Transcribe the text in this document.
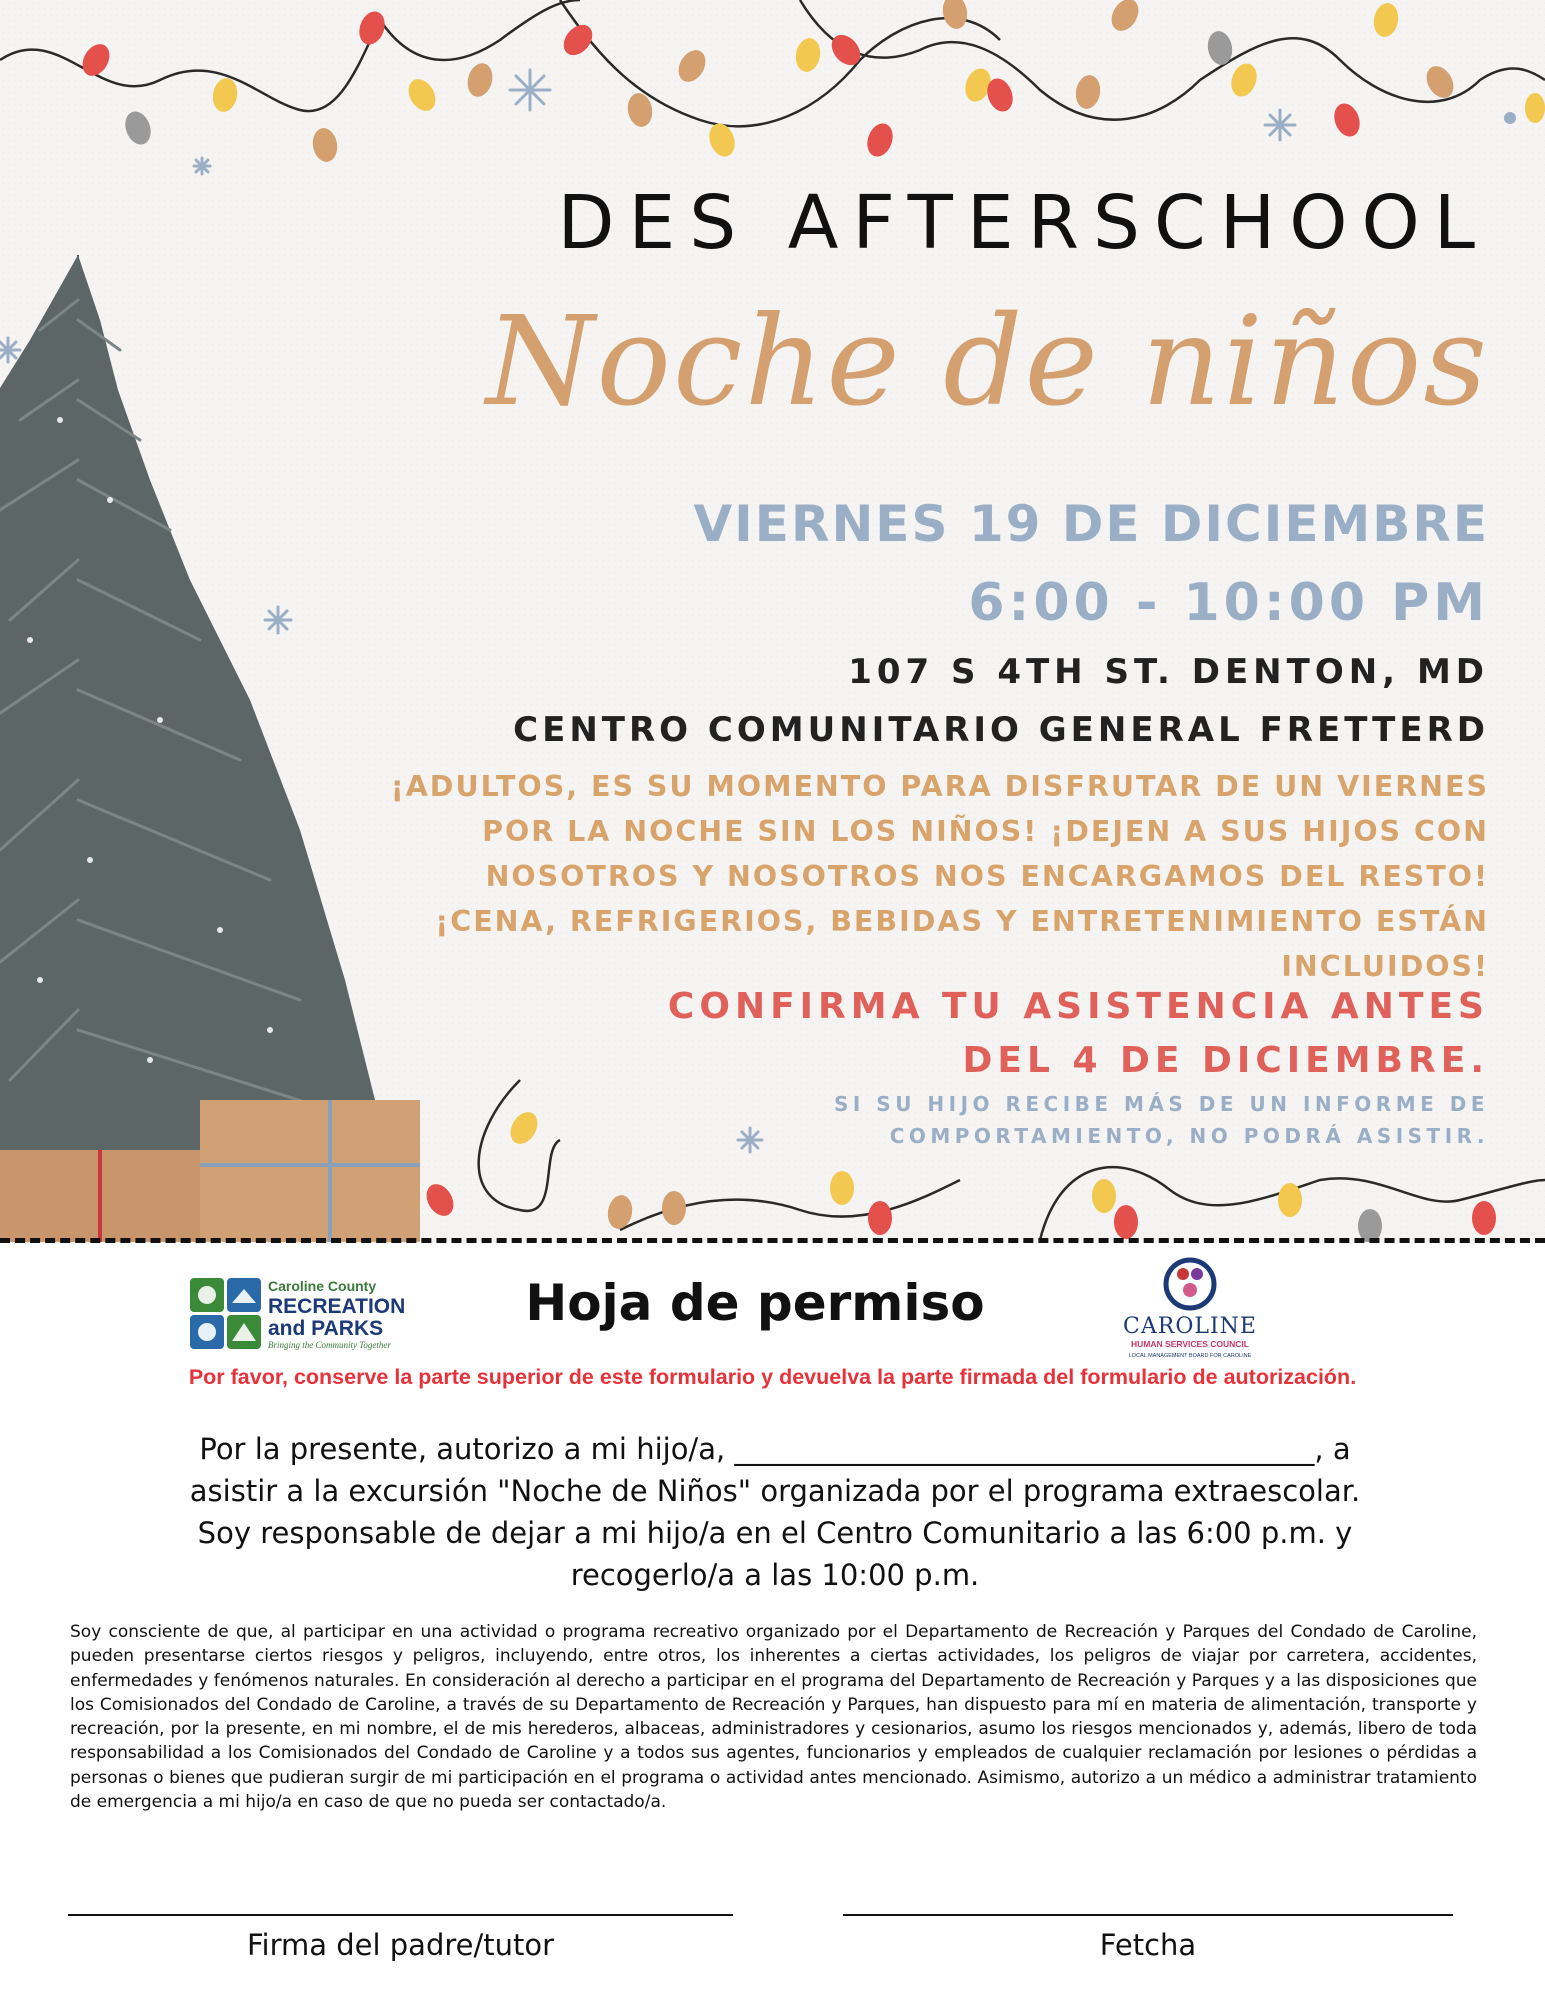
DES AFTERSCHOOL
Noche de niños
VIERNES 19 DE DICIEMBRE
6:00 - 10:00 PM
107 S 4TH ST. DENTON, MD
CENTRO COMUNITARIO GENERAL FRETTERD
¡ADULTOS, ES SU MOMENTO PARA DISFRUTAR DE UN VIERNES POR LA NOCHE SIN LOS NIÑOS! ¡DEJEN A SUS HIJOS CON NOSOTROS Y NOSOTROS NOS ENCARGAMOS DEL RESTO! ¡CENA, REFRIGERIOS, BEBIDAS Y ENTRETENIMIENTO ESTÁN INCLUIDOS!
CONFIRMA TU ASISTENCIA ANTES DEL 4 DE DICIEMBRE.
SI SU HIJO RECIBE MÁS DE UN INFORME DE COMPORTAMIENTO, NO PODRÁ ASISTIR.
Caroline County
RECREATION
and PARKS
Bringing the Community Together
Hoja de permiso	CAROLINE
HUMAN SERVICES COUNCIL
LOCAL MANAGEMENT BOARD FOR CAROLINE
Por favor, conserve la parte superior de este formulario y devuelva la parte firmada del formulario de autorización.
Por la presente, autorizo a mi hijo/a, ________________________________________, a
asistir a la excursión "Noche de Niños" organizada por el programa extraescolar.
Soy responsable de dejar a mi hijo/a en el Centro Comunitario a las 6:00 p.m. y
recogerlo/a a las 10:00 p.m.
Soy consciente de que, al participar en una actividad o programa recreativo organizado por el Departamento de Recreación y Parques del Condado de Caroline, pueden presentarse ciertos riesgos y peligros, incluyendo, entre otros, los inherentes a ciertas actividades, los peligros de viajar por carretera, accidentes, enfermedades y fenómenos naturales. En consideración al derecho a participar en el programa del Departamento de Recreación y Parques y a las disposiciones que los Comisionados del Condado de Caroline, a través de su Departamento de Recreación y Parques, han dispuesto para mí en materia de alimentación, transporte y recreación, por la presente, en mi nombre, el de mis herederos, albaceas, administradores y cesionarios, asumo los riesgos mencionados y, además, libero de toda responsabilidad a los Comisionados del Condado de Caroline y a todos sus agentes, funcionarios y empleados de cualquier reclamación por lesiones o pérdidas a personas o bienes que pudieran surgir de mi participación en el programa o actividad antes mencionado. Asimismo, autorizo a un médico a administrar tratamiento de emergencia a mi hijo/a en caso de que no pueda ser contactado/a.
Firma del padre/tutor	Fetcha
